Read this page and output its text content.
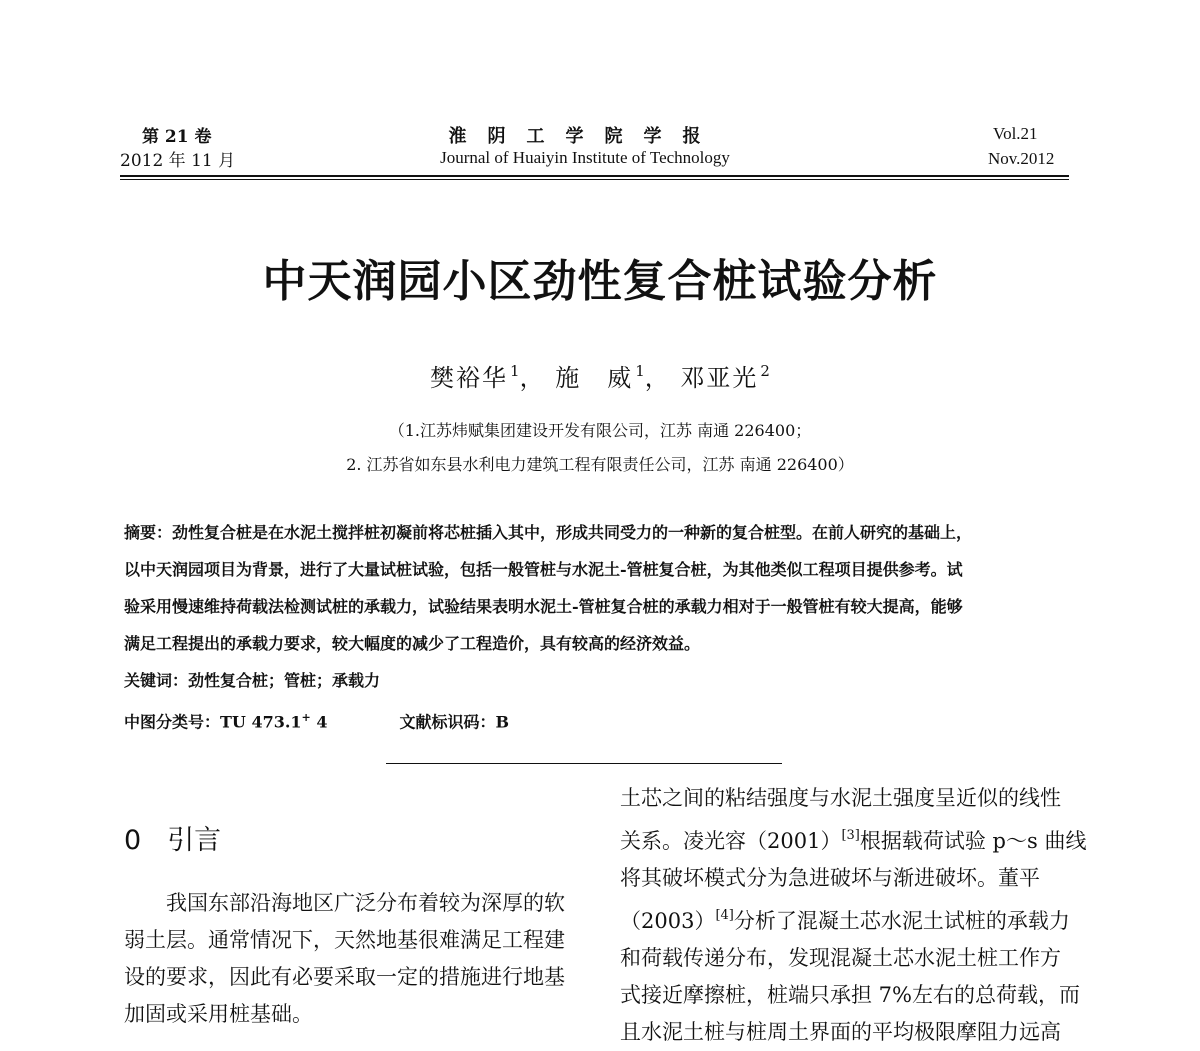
第 21 卷
2012 年 11 月
淮阴工学院学报
Journal of Huaiyin Institute of Technology
Vol.21
Nov.2012
中天润园小区劲性复合桩试验分析
樊裕华 $^1$， 施　威 $^1$， 邓亚光 $^2$
（1.江苏炜赋集团建设开发有限公司，江苏 南通 226400；
2. 江苏省如东县水利电力建筑工程有限责任公司，江苏 南通 226400）
摘要：劲性复合桩是在水泥土搅拌桩初凝前将芯桩插入其中，形成共同受力的一种新的复合桩型。在前人研究的基础上，
以中天润园项目为背景，进行了大量试桩试验，包括一般管桩与水泥土-管桩复合桩，为其他类似工程项目提供参考。试
验采用慢速维持荷载法检测试桩的承载力，试验结果表明水泥土-管桩复合桩的承载力相对于一般管桩有较大提高，能够
满足工程提出的承载力要求，较大幅度的减少了工程造价，具有较高的经济效益。
关键词：劲性复合桩；管桩；承载力
中图分类号：TU 473.1+ 4	文献标识码：B
0 引言
我国东部沿海地区广泛分布着较为深厚的软
弱土层。通常情况下，天然地基很难满足工程建
设的要求，因此有必要采取一定的措施进行地基
加固或采用桩基础。
土芯之间的粘结强度与水泥土强度呈近似的线性
关系。凌光容（2001）[3]根据载荷试验 p～s 曲线
将其破坏模式分为急进破坏与渐进破坏。董平
（2003）[4]分析了混凝土芯水泥土试桩的承载力
和荷载传递分布，发现混凝土芯水泥土桩工作方
式接近摩擦桩，桩端只承担 7%左右的总荷载，而
且水泥土桩与桩周土界面的平均极限摩阻力远高
